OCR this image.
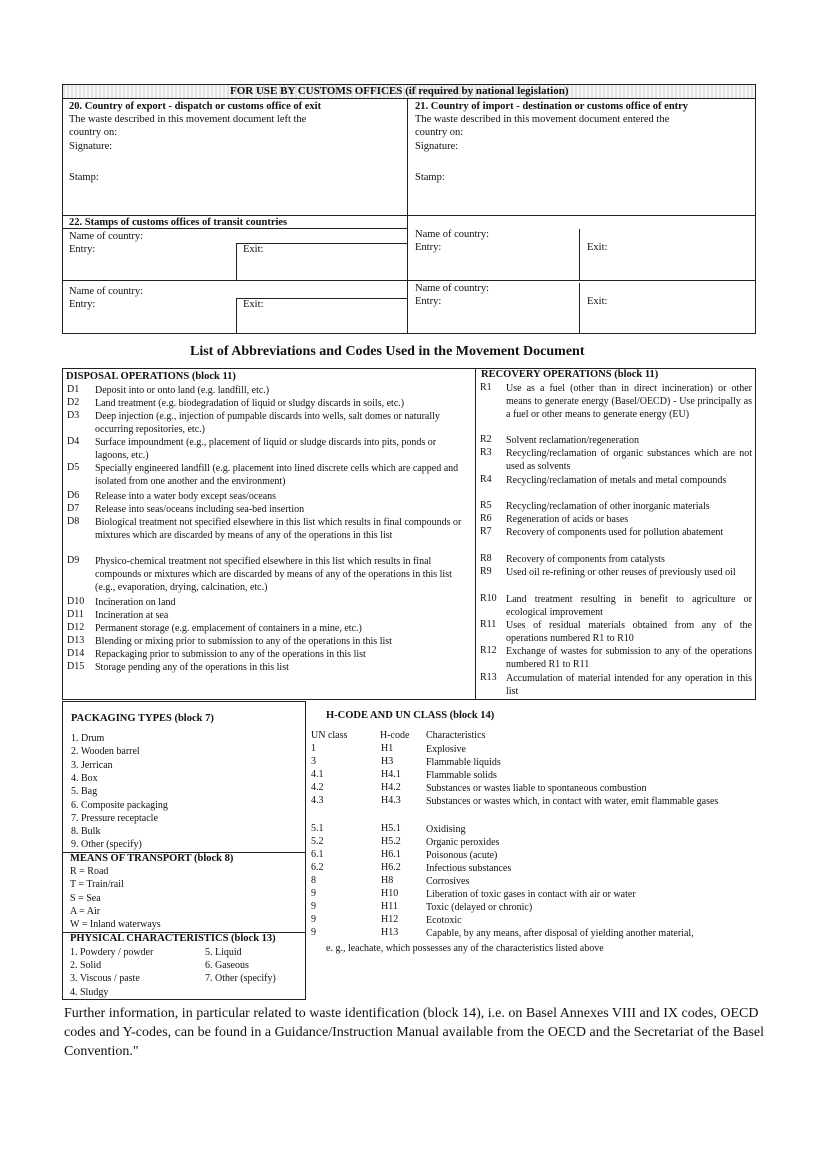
FOR USE BY CUSTOMS OFFICES (if required by national legislation)
20. Country of export - dispatch or customs office of exit
The waste described in this movement document left the
country on:
Signature:
Stamp:
21. Country of import - destination or customs office of entry
The waste described in this movement document entered the
country on:
Signature:
Stamp:
22. Stamps of customs offices of transit countries
Name of country:
Entry:	Exit:
Name of country:
Entry:	Exit:
Name of country:
Entry:	Exit:
Name of country:
Entry:	Exit:
List of Abbreviations and Codes Used in the Movement Document
DISPOSAL OPERATIONS (block 11)
D1 Deposit into or onto land (e.g. landfill, etc.)
D2 Land treatment (e.g. biodegradation of liquid or sludgy discards in soils, etc.)
D3 Deep injection (e.g., injection of pumpable discards into wells, salt domes or naturally occurring repositories, etc.)
D4 Surface impoundment (e.g., placement of liquid or sludge discards into pits, ponds or lagoons, etc.)
D5 Specially engineered landfill (e.g. placement into lined discrete cells which are capped and isolated from one another and the environment)
D6 Release into a water body except seas/oceans
D7 Release into seas/oceans including sea-bed insertion
D8 Biological treatment not specified elsewhere in this list which results in final compounds or mixtures which are discarded by means of any of the operations in this list
D9 Physico-chemical treatment not specified elsewhere in this list which results in final compounds or mixtures which are discarded by means of any of the operations in this list (e.g., evaporation, drying, calcination, etc.)
D10 Incineration on land
D11 Incineration at sea
D12 Permanent storage (e.g. emplacement of containers in a mine, etc.)
D13 Blending or mixing prior to submission to any of the operations in this list
D14 Repackaging prior to submission to any of the operations in this list
D15 Storage pending any of the operations in this list
RECOVERY OPERATIONS (block 11)
R1 Use as a fuel (other than in direct incineration) or other means to generate energy (Basel/OECD) - Use principally as a fuel or other means to generate energy (EU)
R2 Solvent reclamation/regeneration
R3 Recycling/reclamation of organic substances which are not used as solvents
R4 Recycling/reclamation of metals and metal compounds
R5 Recycling/reclamation of other inorganic materials
R6 Regeneration of acids or bases
R7 Recovery of components used for pollution abatement
R8 Recovery of components from catalysts
R9 Used oil re-refining or other reuses of previously used oil
R10 Land treatment resulting in benefit to agriculture or ecological improvement
R11 Uses of residual materials obtained from any of the operations numbered R1 to R10
R12 Exchange of wastes for submission to any of the operations numbered R1 to R11
R13 Accumulation of material intended for any operation in this list
PACKAGING TYPES (block 7)
1. Drum
2. Wooden barrel
3. Jerrican
4. Box
5. Bag
6. Composite packaging
7. Pressure receptacle
8. Bulk
9. Other (specify)
MEANS OF TRANSPORT (block 8)
R = Road
T = Train/rail
S = Sea
A = Air
W = Inland waterways
PHYSICAL CHARACTERISTICS (block 13)
1. Powdery / powder
2. Solid
3. Viscous / paste
4. Sludgy
5. Liquid
6. Gaseous
7. Other (specify)
H-CODE AND UN CLASS (block 14)
UN class	H-code Characteristics
1	H1	Explosive
3	H3	Flammable liquids
4.1	H4.1	Flammable solids
4.2	H4.2	Substances or wastes liable to spontaneous combustion
4.3	H4.3	Substances or wastes which, in contact with water, emit flammable gases
5.1	H5.1	Oxidising
5.2	H5.2	Organic peroxides
6.1	H6.1	Poisonous (acute)
6.2	H6.2	Infectious substances
8	H8	Corrosives
9	H10	Liberation of toxic gases in contact with air or water
9	H11	Toxic (delayed or chronic)
9	H12	Ecotoxic
9	H13	Capable, by any means, after disposal of yielding another material,
e. g., leachate, which possesses any of the characteristics listed above
Further information, in particular related to waste identification (block 14), i.e. on Basel Annexes VIII and IX codes, OECD codes and Y-codes, can be found in a Guidance/Instruction Manual available from the OECD and the Secretariat of the Basel Convention."
